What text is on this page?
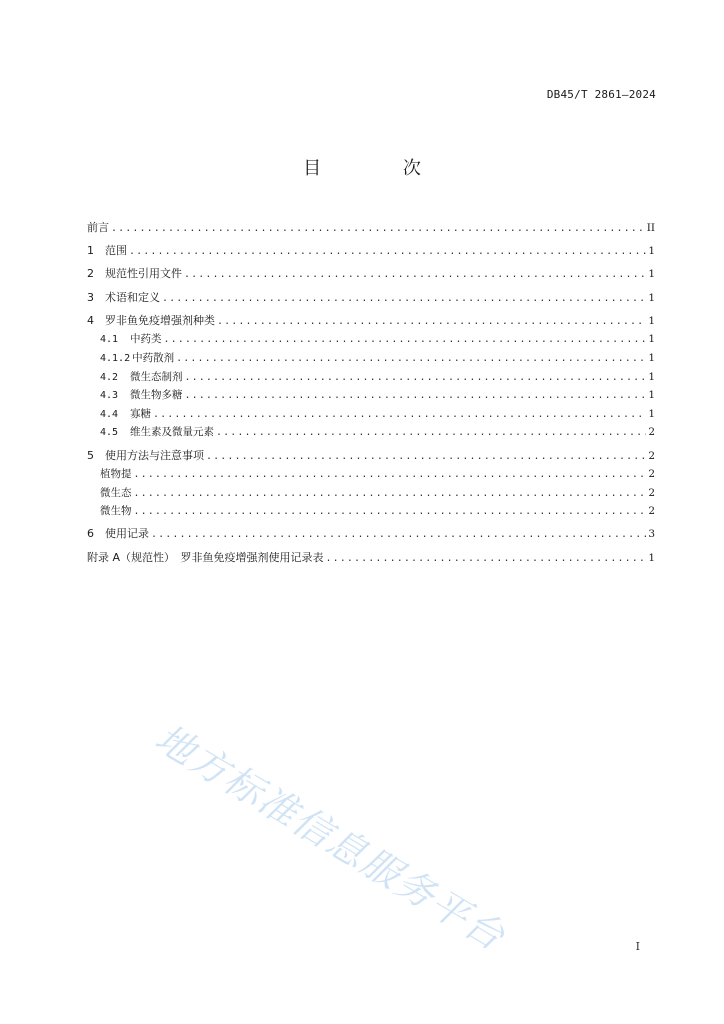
DB45/T 2861—2024
目 次
前言 .....	II
1	范围 .....	1
2	规范性引用文件 .....	1
3	术语和定义 .....	1
4	罗非鱼免疫增强剂种类 .....	1
4.1	中药类 .....	1
4.1.2 中药散剂 .....	1
4.2	微生态制剂 .....	1
4.3	微生物多糖 .....	1
4.4	寡糖 .....	1
4.5	维生素及微量元素 .....	2
5	使用方法与注意事项 .....	2
植物提 .....	2
微生态 .....	2
微生物 .....	2
6	使用记录 .....	3
附录 A（规范性）　罗非鱼免疫增强剂使用记录表 .....	1
地方标准信息服务平台	I
